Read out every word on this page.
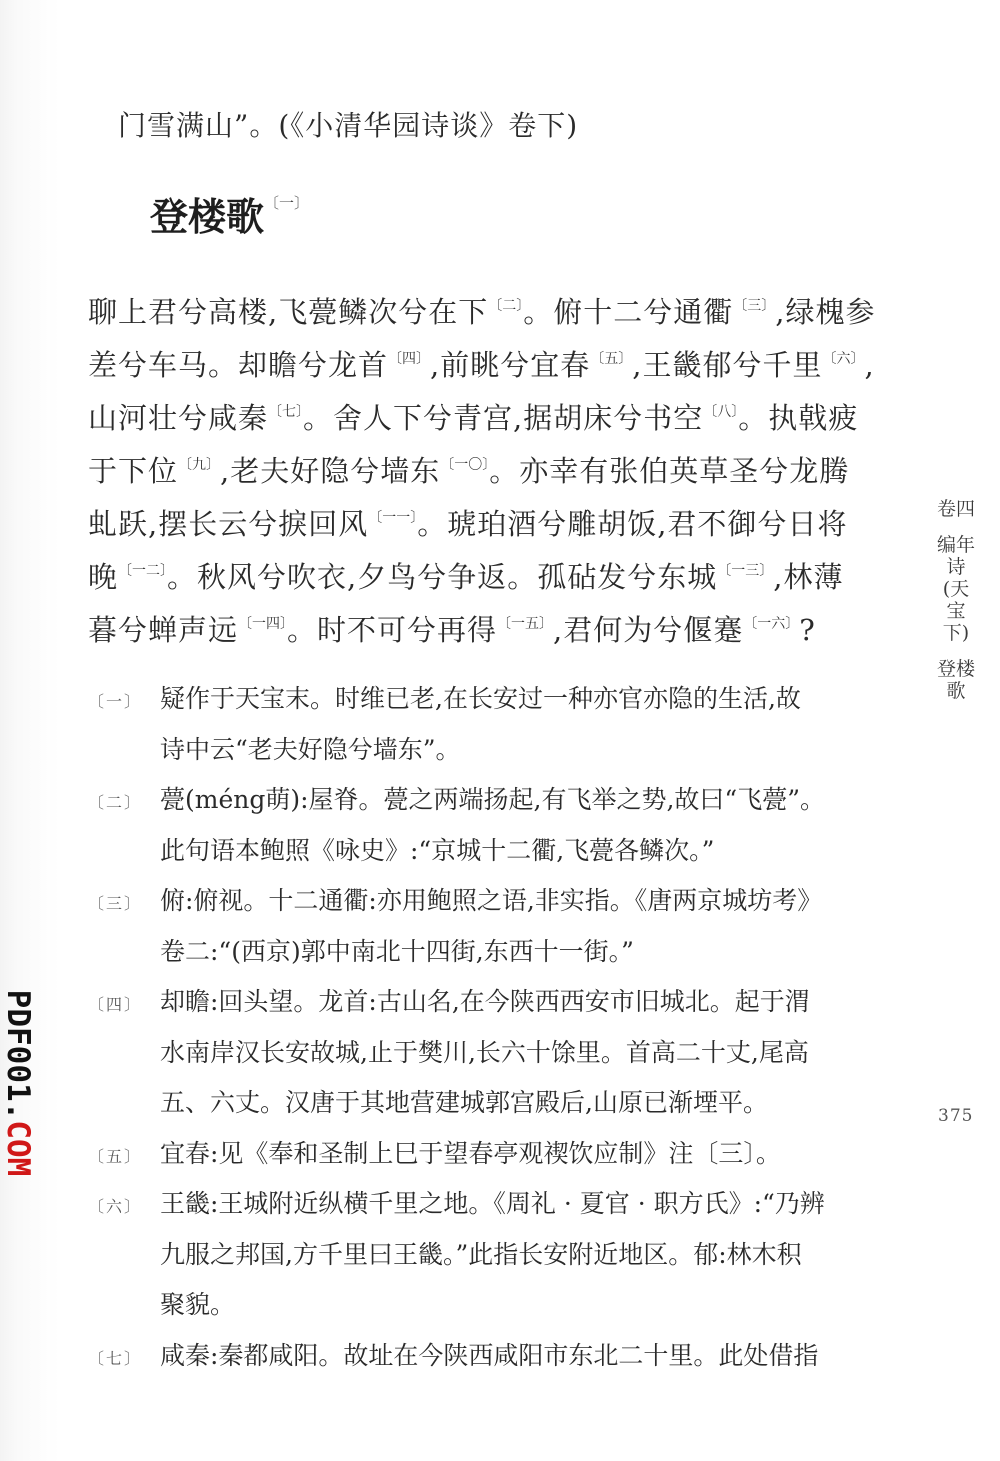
门雪满山”。(《小清华园诗谈》卷下)
登楼歌$^{〔一〕}$
聊上君兮高楼,飞甍鳞次兮在下$^{〔二〕}$。俯十二兮通衢$^{〔三〕}$,绿槐参
差兮车马。却瞻兮龙首$^{〔四〕}$,前眺兮宜春$^{〔五〕}$,王畿郁兮千里$^{〔六〕}$,
山河壮兮咸秦$^{〔七〕}$。舍人下兮青宫,据胡床兮书空$^{〔八〕}$。执戟疲
于下位$^{〔九〕}$,老夫好隐兮墙东$^{〔一〇〕}$。亦幸有张伯英草圣兮龙腾
虬跃,摆长云兮捩回风$^{〔一一〕}$。琥珀酒兮雕胡饭,君不御兮日将
晚$^{〔一二〕}$。秋风兮吹衣,夕鸟兮争返。孤砧发兮东城$^{〔一三〕}$,林薄
暮兮蝉声远$^{〔一四〕}$。时不可兮再得$^{〔一五〕}$,君何为兮偃蹇$^{〔一六〕}$?
〔一〕 疑作于天宝末。时维已老,在长安过一种亦官亦隐的生活,故
诗中云“老夫好隐兮墙东”。
〔二〕 甍(méng萌):屋脊。甍之两端扬起,有飞举之势,故曰“飞甍”。
此句语本鲍照《咏史》:“京城十二衢,飞甍各鳞次。”
〔三〕 俯:俯视。十二通衢:亦用鲍照之语,非实指。《唐两京城坊考》
卷二:“(西京)郭中南北十四街,东西十一街。”
〔四〕 却瞻:回头望。龙首:古山名,在今陕西西安市旧城北。起于渭
水南岸汉长安故城,止于樊川,长六十馀里。首高二十丈,尾高
五、六丈。汉唐于其地营建城郭宫殿后,山原已渐堙平。
〔五〕 宜春:见《奉和圣制上巳于望春亭观禊饮应制》注〔三〕。
〔六〕 王畿:王城附近纵横千里之地。《周礼 · 夏官 · 职方氏》:“乃辨
九服之邦国,方千里曰王畿。”此指长安附近地区。郁:林木积
聚貌。
〔七〕 咸秦:秦都咸阳。故址在今陕西咸阳市东北二十里。此处借指
卷四
编年诗(天宝下)
登楼歌
375
PDF001.COM
